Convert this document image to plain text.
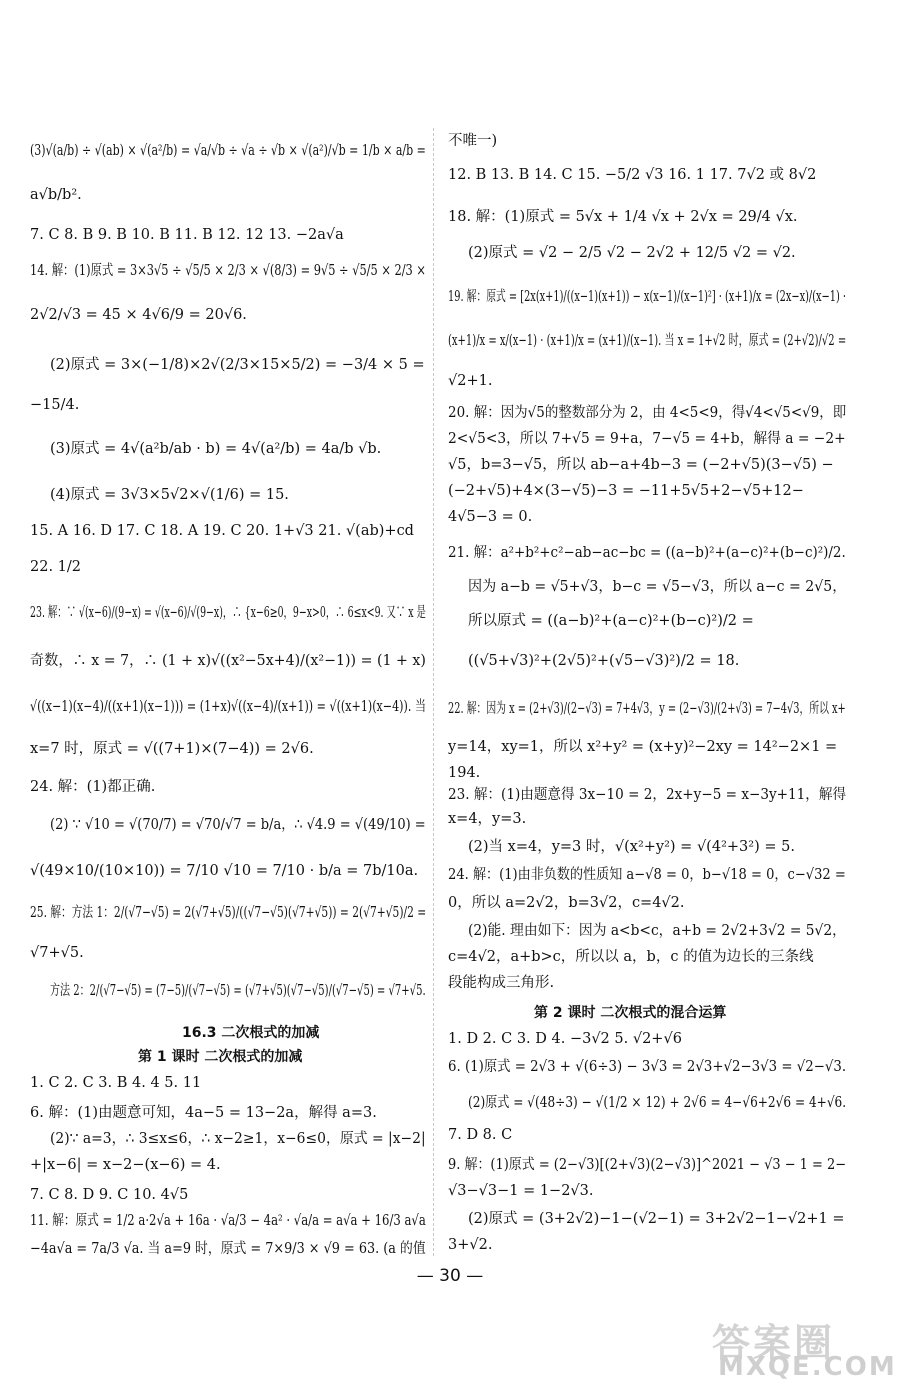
(3)√(a/b) ÷ √(ab) × √(a²/b) = √a/√b ÷ √a ÷ √b × √(a²)/√b = 1/b × a/b =
a√b/b².
7. C 8. B 9. B 10. B 11. B 12. 12 13. −2a√a
14. 解：(1)原式 = 3×3√5 ÷ √5/5 × 2/3 × √(8/3) = 9√5 ÷ √5/5 × 2/3 ×
2√2/√3 = 45 × 4√6/9 = 20√6.
(2)原式 = 3×(−1/8)×2√(2/3×15×5/2) = −3/4 × 5 =
−15/4.
(3)原式 = 4√(a²b/ab · b) = 4√(a²/b) = 4a/b √b.
(4)原式 = 3√3×5√2×√(1/6) = 15.
15. A 16. D 17. C 18. A 19. C 20. 1+√3 21. √(ab)+cd
22. 1/2
23. 解：∵ √(x−6)/(9−x) = √(x−6)/√(9−x)，∴ {x−6≥0，9−x>0，∴ 6≤x<9. 又∵ x 是
奇数，∴ x = 7，∴ (1 + x)√((x²−5x+4)/(x²−1)) = (1 + x)
√((x−1)(x−4)/((x+1)(x−1))) = (1+x)√((x−4)/(x+1)) = √((x+1)(x−4)). 当
x=7 时，原式 = √((7+1)×(7−4)) = 2√6.
24. 解：(1)都正确.
(2) ∵ √10 = √(70/7) = √70/√7 = b/a，∴ √4.9 = √(49/10) =
√(49×10/(10×10)) = 7/10 √10 = 7/10 · b/a = 7b/10a.
25. 解：方法 1：2/(√7−√5) = 2(√7+√5)/((√7−√5)(√7+√5)) = 2(√7+√5)/2 =
√7+√5.
方法 2：2/(√7−√5) = (7−5)/(√7−√5) = (√7+√5)(√7−√5)/(√7−√5) = √7+√5.
16.3 二次根式的加减
第 1 课时 二次根式的加减
1. C 2. C 3. B 4. 4 5. 11
6. 解：(1)由题意可知，4a−5 = 13−2a，解得 a=3.
(2)∵ a=3，∴ 3≤x≤6，∴ x−2≥1，x−6≤0，原式 = |x−2|
+|x−6| = x−2−(x−6) = 4.
7. C 8. D 9. C 10. 4√5
11. 解：原式 = 1/2 a·2√a + 16a · √a/3 − 4a² · √a/a = a√a + 16/3 a√a
−4a√a = 7a/3 √a. 当 a=9 时，原式 = 7×9/3 × √9 = 63. (a 的值
不唯一)
12. B 13. B 14. C 15. −5/2 √3 16. 1 17. 7√2 或 8√2
18. 解：(1)原式 = 5√x + 1/4 √x + 2√x = 29/4 √x.
(2)原式 = √2 − 2/5 √2 − 2√2 + 12/5 √2 = √2.
19. 解：原式 = [2x(x+1)/((x−1)(x+1)) − x(x−1)/(x−1)²] · (x+1)/x = (2x−x)/(x−1) ·
(x+1)/x = x/(x−1) · (x+1)/x = (x+1)/(x−1). 当 x = 1+√2 时，原式 = (2+√2)/√2 =
√2+1.
20. 解：因为√5的整数部分为 2，由 4<5<9，得√4<√5<√9，即
2<√5<3，所以 7+√5 = 9+a，7−√5 = 4+b，解得 a = −2+
√5，b=3−√5，所以 ab−a+4b−3 = (−2+√5)(3−√5) −
(−2+√5)+4×(3−√5)−3 = −11+5√5+2−√5+12−
4√5−3 = 0.
21. 解：a²+b²+c²−ab−ac−bc = ((a−b)²+(a−c)²+(b−c)²)/2.
因为 a−b = √5+√3，b−c = √5−√3，所以 a−c = 2√5，
所以原式 = ((a−b)²+(a−c)²+(b−c)²)/2 =
((√5+√3)²+(2√5)²+(√5−√3)²)/2 = 18.
22. 解：因为 x = (2+√3)/(2−√3) = 7+4√3，y = (2−√3)/(2+√3) = 7−4√3，所以 x+
y=14，xy=1，所以 x²+y² = (x+y)²−2xy = 14²−2×1 =
194.
23. 解：(1)由题意得 3x−10 = 2，2x+y−5 = x−3y+11，解得
x=4，y=3.
(2)当 x=4，y=3 时，√(x²+y²) = √(4²+3²) = 5.
24. 解：(1)由非负数的性质知 a−√8 = 0，b−√18 = 0，c−√32 =
0，所以 a=2√2，b=3√2，c=4√2.
(2)能. 理由如下：因为 a<b<c，a+b = 2√2+3√2 = 5√2，
c=4√2，a+b>c，所以以 a，b，c 的值为边长的三条线
段能构成三角形.
第 2 课时 二次根式的混合运算
1. D 2. C 3. D 4. −3√2 5. √2+√6
6. (1)原式 = 2√3 + √(6÷3) − 3√3 = 2√3+√2−3√3 = √2−√3.
(2)原式 = √(48÷3) − √(1/2 × 12) + 2√6 = 4−√6+2√6 = 4+√6.
7. D 8. C
9. 解：(1)原式 = (2−√3)[(2+√3)(2−√3)]^2021 − √3 − 1 = 2−
√3−√3−1 = 1−2√3.
(2)原式 = (3+2√2)−1−(√2−1) = 3+2√2−1−√2+1 =
3+√2.
— 30 —
答案圈
MXQE.COM
